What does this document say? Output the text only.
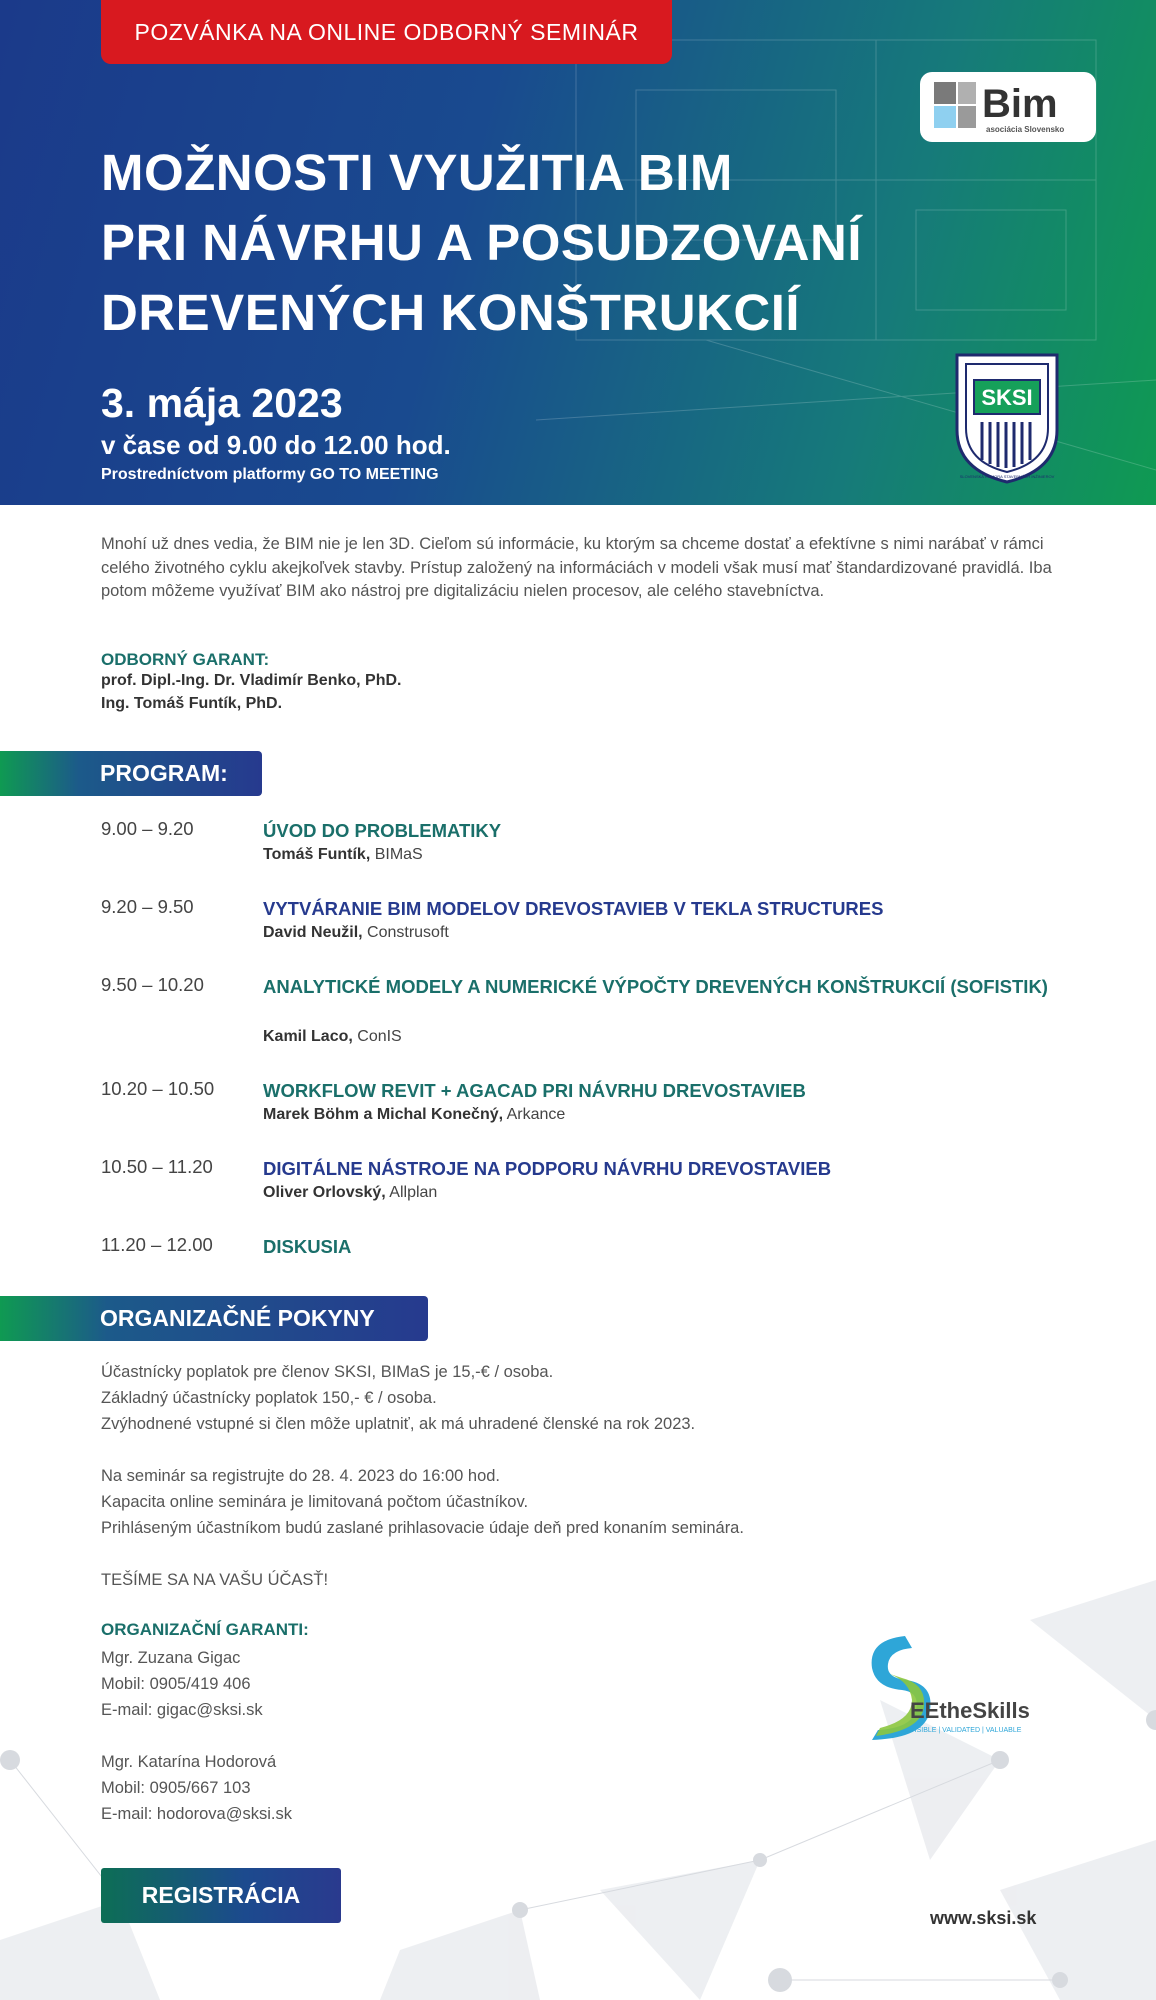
POZVÁNKA NA ONLINE ODBORNÝ SEMINÁR
Bim
asociácia Slovensko
MOŽNOSTI VYUŽITIA BIM
PRI NÁVRHU A POSUDZOVANÍ
DREVENÝCH KONŠTRUKCIÍ
3. mája 2023
v čase od 9.00 do 12.00 hod.
Prostredníctvom platformy GO TO MEETING
SKSI
SLOVENSKÁ KOMORA STAVEBNÝCH INŽINIEROV

Mnohí už dnes vedia, že BIM nie je len 3D. Cieľom sú informácie, ku ktorým sa chceme dostať a efektívne s nimi narábať v rámci celého životného cyklu akejkoľvek stavby. Prístup založený na informáciách v modeli však musí mať štandardizované pravidlá. Iba potom môžeme využívať BIM ako nástroj pre digitalizáciu nielen procesov, ale celého stavebníctva.

ODBORNÝ GARANT:
prof. Dipl.-Ing. Dr. Vladimír Benko, PhD.
Ing. Tomáš Funtík, PhD.
PROGRAM:
9.00 – 9.20	ÚVOD DO PROBLEMATIKY
Tomáš Funtík, BIMaS
9.20 – 9.50	VYTVÁRANIE BIM MODELOV DREVOSTAVIEB V TEKLA STRUCTURES
David Neužil, Construsoft
9.50 – 10.20	ANALYTICKÉ MODELY A NUMERICKÉ VÝPOČTY DREVENÝCH KONŠTRUKCIÍ (SOFISTIK)
Kamil Laco, ConIS
10.20 – 10.50	WORKFLOW REVIT + AGACAD PRI NÁVRHU DREVOSTAVIEB
Marek Böhm a Michal Konečný, Arkance
10.50 – 11.20	DIGITÁLNE NÁSTROJE NA PODPORU NÁVRHU DREVOSTAVIEB
Oliver Orlovský, Allplan
11.20 – 12.00	DISKUSIA
ORGANIZAČNÉ POKYNY
Účastnícky poplatok pre členov SKSI, BIMaS je 15,-€ / osoba.
Základný účastnícky poplatok 150,- € / osoba.
Zvýhodnené vstupné si člen môže uplatniť, ak má uhradené členské na rok 2023.
Na seminár sa registrujte do 28. 4. 2023 do 16:00 hod.
Kapacita online seminára je limitovaná počtom účastníkov.
Prihláseným účastníkom budú zaslané prihlasovacie údaje deň pred konaním seminára.
TEŠÍME SA NA VAŠU ÚČASŤ!
ORGANIZAČNÍ GARANTI:
Mgr. Zuzana Gigac
Mobil: 0905/419 406
E-mail: gigac@sksi.sk
Mgr. Katarína Hodorová
Mobil: 0905/667 103
E-mail: hodorova@sksi.sk
EEtheSkills
VISIBLE | VALIDATED | VALUABLE
REGISTRÁCIA
www.sksi.sk
